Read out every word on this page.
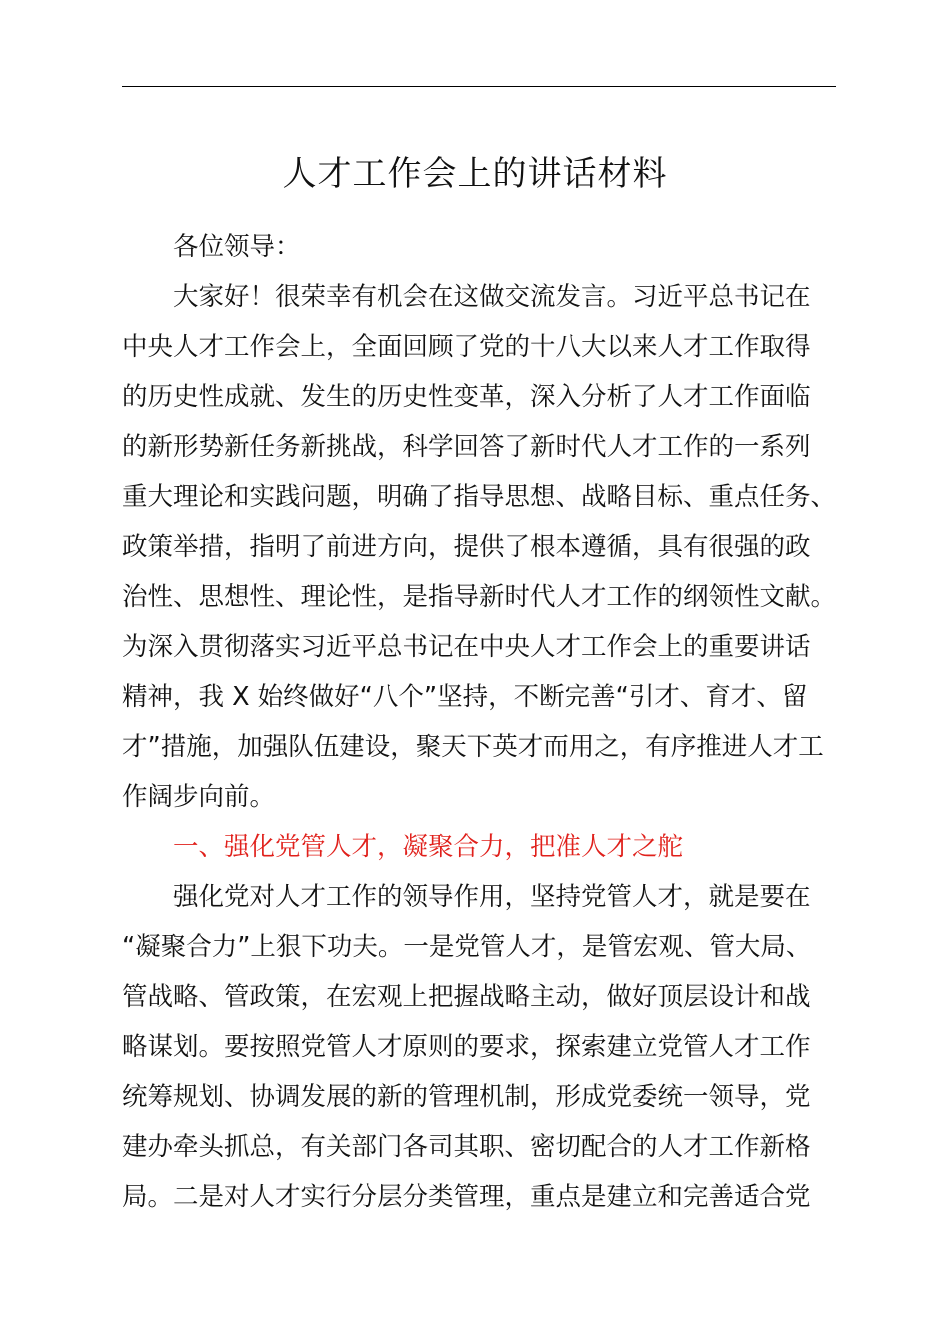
人才工作会上的讲话材料
各位领导：
大家好！很荣幸有机会在这做交流发言。习近平总书记在
中央人才工作会上，全面回顾了党的十八大以来人才工作取得
的历史性成就、发生的历史性变革，深入分析了人才工作面临
的新形势新任务新挑战，科学回答了新时代人才工作的一系列
重大理论和实践问题，明确了指导思想、战略目标、重点任务、
政策举措，指明了前进方向，提供了根本遵循，具有很强的政
治性、思想性、理论性，是指导新时代人才工作的纲领性文献。
为深入贯彻落实习近平总书记在中央人才工作会上的重要讲话
精神，我 X 始终做好“八个”坚持，不断完善“引才、育才、留
才”措施，加强队伍建设，聚天下英才而用之，有序推进人才工
作阔步向前。
一、强化党管人才，凝聚合力，把准人才之舵
强化党对人才工作的领导作用，坚持党管人才，就是要在
“凝聚合力”上狠下功夫。一是党管人才，是管宏观、管大局、
管战略、管政策，在宏观上把握战略主动，做好顶层设计和战
略谋划。要按照党管人才原则的要求，探索建立党管人才工作
统筹规划、协调发展的新的管理机制，形成党委统一领导，党
建办牵头抓总，有关部门各司其职、密切配合的人才工作新格
局。二是对人才实行分层分类管理，重点是建立和完善适合党
